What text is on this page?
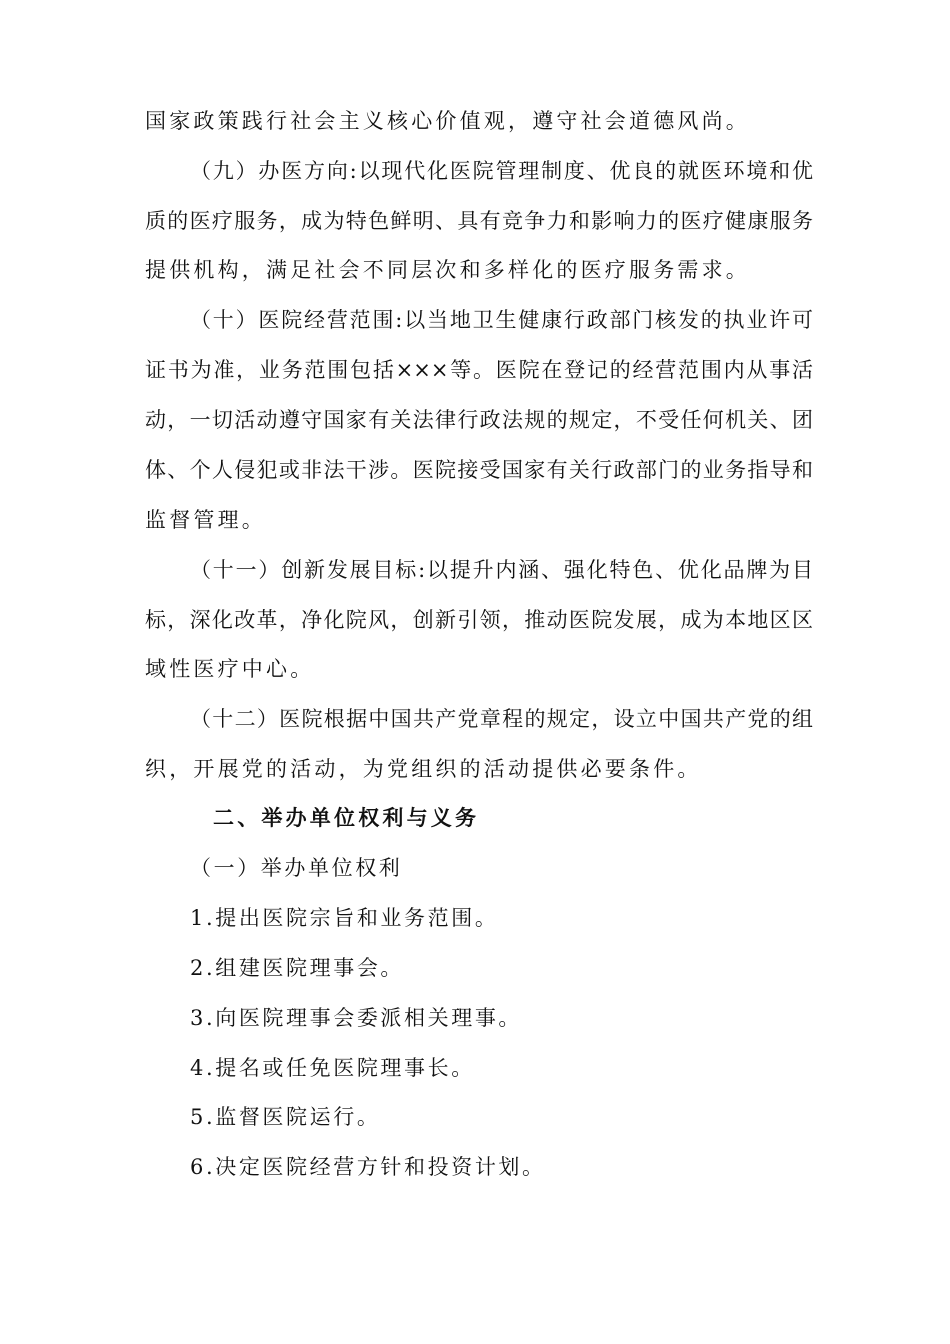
国家政策践行社会主义核心价值观，遵守社会道德风尚。
（九）办医方向:以现代化医院管理制度、优良的就医环境和优
质的医疗服务，成为特色鲜明、具有竞争力和影响力的医疗健康服务
提供机构，满足社会不同层次和多样化的医疗服务需求。
（十）医院经营范围:以当地卫生健康行政部门核发的执业许可
证书为准，业务范围包括×××等。医院在登记的经营范围内从事活
动，一切活动遵守国家有关法律行政法规的规定，不受任何机关、团
体、个人侵犯或非法干涉。医院接受国家有关行政部门的业务指导和
监督管理。
（十一）创新发展目标:以提升内涵、强化特色、优化品牌为目
标，深化改革，净化院风，创新引领，推动医院发展，成为本地区区
域性医疗中心。
（十二）医院根据中国共产党章程的规定，设立中国共产党的组
织，开展党的活动，为党组织的活动提供必要条件。
二、举办单位权利与义务
（一）举办单位权利
1.提出医院宗旨和业务范围。
2.组建医院理事会。
3.向医院理事会委派相关理事。
4.提名或任免医院理事长。
5.监督医院运行。
6.决定医院经营方针和投资计划。
